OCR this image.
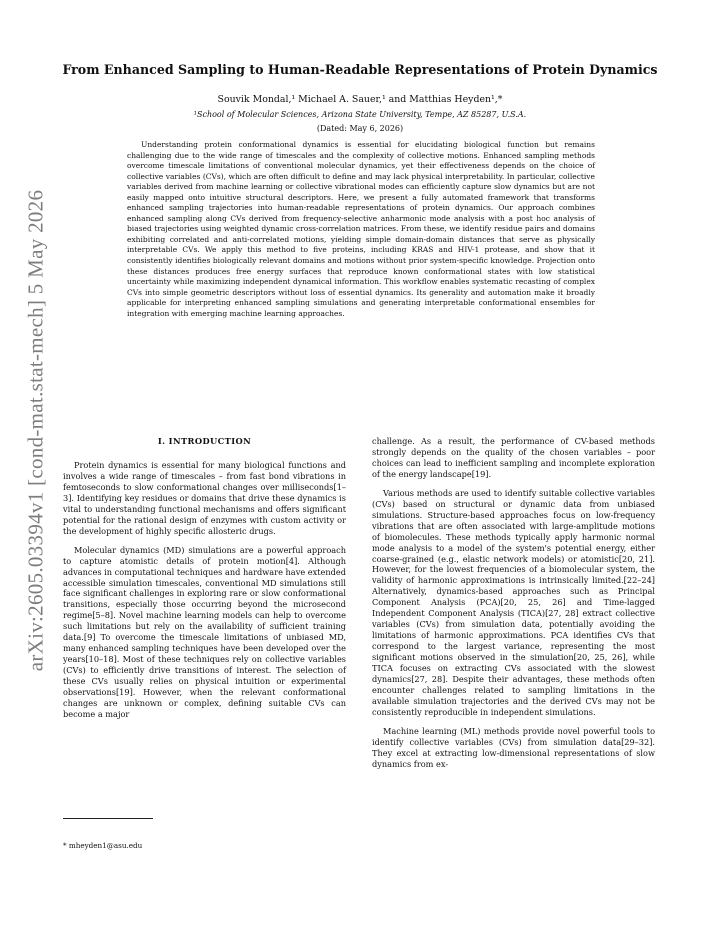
arXiv:2605.03394v1 [cond-mat.stat-mech] 5 May 2026
From Enhanced Sampling to Human-Readable Representations of Protein Dynamics
Souvik Mondal,¹ Michael A. Sauer,¹ and Matthias Heyden¹,*
¹School of Molecular Sciences, Arizona State University, Tempe, AZ 85287, U.S.A.
(Dated: May 6, 2026)

Understanding protein conformational dynamics is essential for elucidating biological function but remains challenging due to the wide range of timescales and the complexity of collective motions. Enhanced sampling methods overcome timescale limitations of conventional molecular dynamics, yet their effectiveness depends on the choice of collective variables (CVs), which are often difficult to define and may lack physical interpretability. In particular, collective variables derived from machine learning or collective vibrational modes can efficiently capture slow dynamics but are not easily mapped onto intuitive structural descriptors. Here, we present a fully automated framework that transforms enhanced sampling trajectories into human-readable representations of protein dynamics. Our approach combines enhanced sampling along CVs derived from frequency-selective anharmonic mode analysis with a post hoc analysis of biased trajectories using weighted dynamic cross-correlation matrices. From these, we identify residue pairs and domains exhibiting correlated and anti-correlated motions, yielding simple domain-domain distances that serve as physically interpretable CVs. We apply this method to five proteins, including KRAS and HIV-1 protease, and show that it consistently identifies biologically relevant domains and motions without prior system-specific knowledge. Projection onto these distances produces free energy surfaces that reproduce known conformational states with low statistical uncertainty while maximizing independent dynamical information. This workflow enables systematic recasting of complex CVs into simple geometric descriptors without loss of essential dynamics. Its generality and automation make it broadly applicable for interpreting enhanced sampling simulations and generating interpretable conformational ensembles for integration with emerging machine learning approaches.

I. INTRODUCTION

Protein dynamics is essential for many biological functions and involves a wide range of timescales – from fast bond vibrations in femtoseconds to slow conformational changes over milliseconds[1–3]. Identifying key residues or domains that drive these dynamics is vital to understanding functional mechanisms and offers significant potential for the rational design of enzymes with custom activity or the development of highly specific allosteric drugs.

Molecular dynamics (MD) simulations are a powerful approach to capture atomistic details of protein motion[4]. Although advances in computational techniques and hardware have extended accessible simulation timescales, conventional MD simulations still face significant challenges in exploring rare or slow conformational transitions, especially those occurring beyond the microsecond regime[5–8]. Novel machine learning models can help to overcome such limitations but rely on the availability of sufficient training data.[9] To overcome the timescale limitations of unbiased MD, many enhanced sampling techniques have been developed over the years[10–18]. Most of these techniques rely on collective variables (CVs) to efficiently drive transitions of interest. The selection of these CVs usually relies on physical intuition or experimental observations[19]. However, when the relevant conformational changes are unknown or complex, defining suitable CVs can become a major

challenge. As a result, the performance of CV-based methods strongly depends on the quality of the chosen variables – poor choices can lead to inefficient sampling and incomplete exploration of the energy landscape[19].

Various methods are used to identify suitable collective variables (CVs) based on structural or dynamic data from unbiased simulations. Structure-based approaches focus on low-frequency vibrations that are often associated with large-amplitude motions of biomolecules. These methods typically apply harmonic normal mode analysis to a model of the system's potential energy, either coarse-grained (e.g., elastic network models) or atomistic[20, 21]. However, for the lowest frequencies of a biomolecular system, the validity of harmonic approximations is intrinsically limited.[22–24] Alternatively, dynamics-based approaches such as Principal Component Analysis (PCA)[20, 25, 26] and Time-lagged Independent Component Analysis (TICA)[27, 28] extract collective variables (CVs) from simulation data, potentially avoiding the limitations of harmonic approximations. PCA identifies CVs that correspond to the largest variance, representing the most significant motions observed in the simulation[20, 25, 26], while TICA focuses on extracting CVs associated with the slowest dynamics[27, 28]. Despite their advantages, these methods often encounter challenges related to sampling limitations in the available simulation trajectories and the derived CVs may not be consistently reproducible in independent simulations.

Machine learning (ML) methods provide novel powerful tools to identify collective variables (CVs) from simulation data[29–32]. They excel at extracting low-dimensional representations of slow dynamics from ex-

* mheyden1@asu.edu
